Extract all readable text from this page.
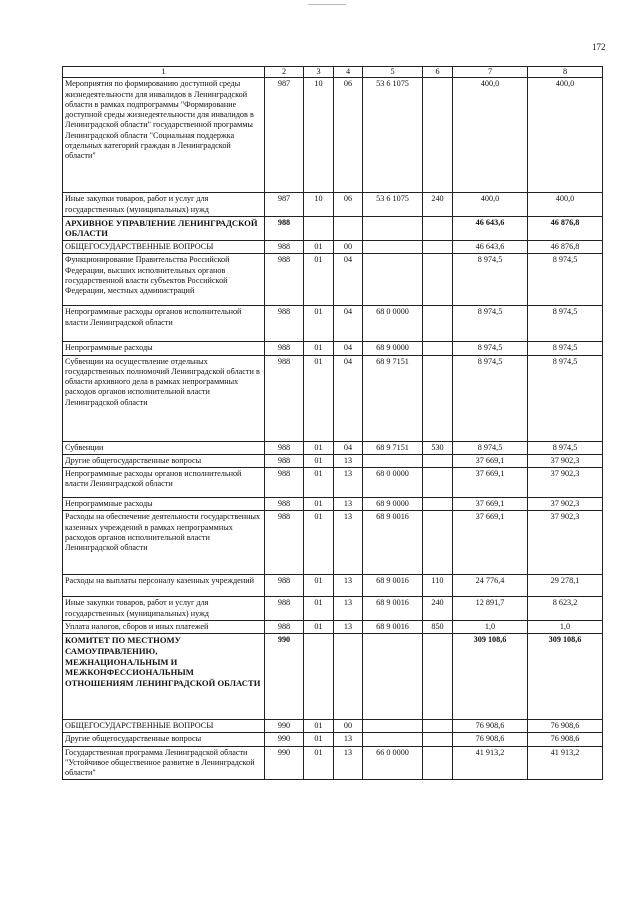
172
1	2	3	4	5	6	7	8
Мероприятия по формированию доступной среды жизнедеятельности для инвалидов в Ленинградской области в рамках подпрограммы "Формирование доступной среды жизнедеятельности для инвалидов в Ленинградской области" государственной программы Ленинградской области "Социальная поддержка отдельных категорий граждан в Ленинградской области"	987	10	06	53 6 1075		400,0	400,0
Иные закупки товаров, работ и услуг для государственных (муниципальных) нужд	987	10	06	53 6 1075	240	400,0	400,0
АРХИВНОЕ УПРАВЛЕНИЕ ЛЕНИНГРАДСКОЙ ОБЛАСТИ	988					46 643,6	46 876,8
ОБЩЕГОСУДАРСТВЕННЫЕ ВОПРОСЫ	988	01	00			46 643,6	46 876,8
Функционирование Правительства Российской Федерации, высших исполнительных органов государственной власти субъектов Российской Федерации, местных администраций	988	01	04			8 974,5	8 974,5
Непрограммные расходы органов исполнительной власти Ленинградской области	988	01	04	68 0 0000		8 974,5	8 974,5
Непрограммные расходы	988	01	04	68 9 0000		8 974,5	8 974,5
Субвенции на осуществление отдельных государственных полномочий Ленинградской области в области архивного дела в рамках непрограммных расходов органов исполнительной власти Ленинградской области	988	01	04	68 9 7151		8 974,5	8 974,5
Субвенции	988	01	04	68 9 7151	530	8 974,5	8 974,5
Другие общегосударственные вопросы	988	01	13			37 669,1	37 902,3
Непрограммные расходы органов исполнительной власти Ленинградской области	988	01	13	68 0 0000		37 669,1	37 902,3
Непрограммные расходы	988	01	13	68 9 0000		37 669,1	37 902,3
Расходы на обеспечение деятельности государственных казенных учреждений в рамках непрограммных расходов органов исполнительной власти Ленинградской области	988	01	13	68 9 0016		37 669,1	37 902,3
Расходы на выплаты персоналу казенных учреждений	988	01	13	68 9 0016	110	24 776,4	29 278,1
Иные закупки товаров, работ и услуг для государственных (муниципальных) нужд	988	01	13	68 9 0016	240	12 891,7	8 623,2
Уплата налогов, сборов и иных платежей	988	01	13	68 9 0016	850	1,0	1,0
КОМИТЕТ ПО МЕСТНОМУ САМОУПРАВЛЕНИЮ, МЕЖНАЦИОНАЛЬНЫМ И МЕЖКОНФЕССИОНАЛЬНЫМ ОТНОШЕНИЯМ ЛЕНИНГРАДСКОЙ ОБЛАСТИ	990					309 108,6	309 108,6
ОБЩЕГОСУДАРСТВЕННЫЕ ВОПРОСЫ	990	01	00			76 908,6	76 908,6
Другие общегосударственные вопросы	990	01	13			76 908,6	76 908,6
Государственная программа Ленинградской области "Устойчивое общественное развитие в Ленинградской области"	990	01	13	66 0 0000		41 913,2	41 913,2
